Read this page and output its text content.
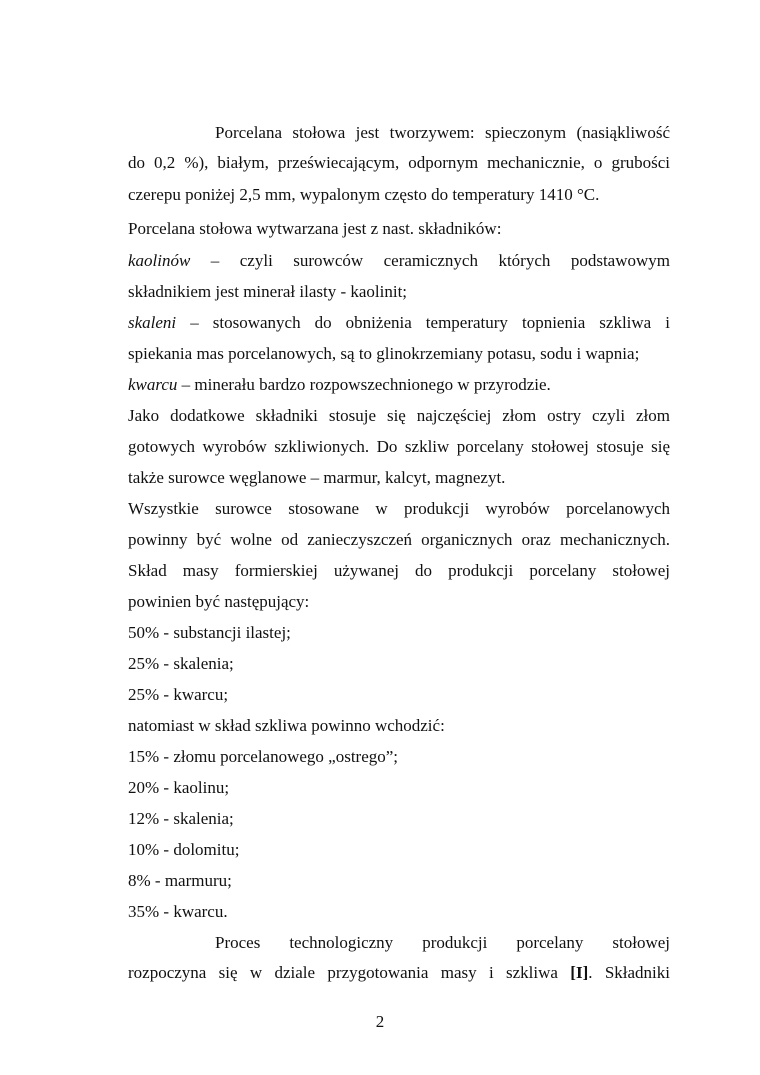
Porcelana stołowa jest tworzywem: spieczonym (nasiąkliwość
do 0,2 %), białym, przeświecającym, odpornym mechanicznie, o grubości
czerepu poniżej 2,5 mm, wypalonym często do temperatury 1410 °C.
Porcelana stołowa wytwarzana jest z nast. składników:
kaolinów – czyli surowców ceramicznych których podstawowym
składnikiem jest minerał ilasty - kaolinit;
skaleni – stosowanych do obniżenia temperatury topnienia szkliwa i
spiekania mas porcelanowych, są to glinokrzemiany potasu, sodu i wapnia;
kwarcu – minerału bardzo rozpowszechnionego w przyrodzie.
Jako dodatkowe składniki stosuje się najczęściej złom ostry czyli złom
gotowych wyrobów szkliwionych. Do szkliw porcelany stołowej stosuje się
także surowce węglanowe – marmur, kalcyt, magnezyt.
Wszystkie surowce stosowane w produkcji wyrobów porcelanowych
powinny być wolne od zanieczyszczeń organicznych oraz mechanicznych.
Skład masy formierskiej używanej do produkcji porcelany stołowej
powinien być następujący:
50% - substancji ilastej;
25% - skalenia;
25% - kwarcu;
natomiast w skład szkliwa powinno wchodzić:
15% - złomu porcelanowego „ostrego”;
20% - kaolinu;
12% - skalenia;
10% - dolomitu;
8% - marmuru;
35% - kwarcu.
Proces technologiczny produkcji porcelany stołowej
rozpoczyna się w dziale przygotowania masy i szkliwa [I]. Składniki
2
